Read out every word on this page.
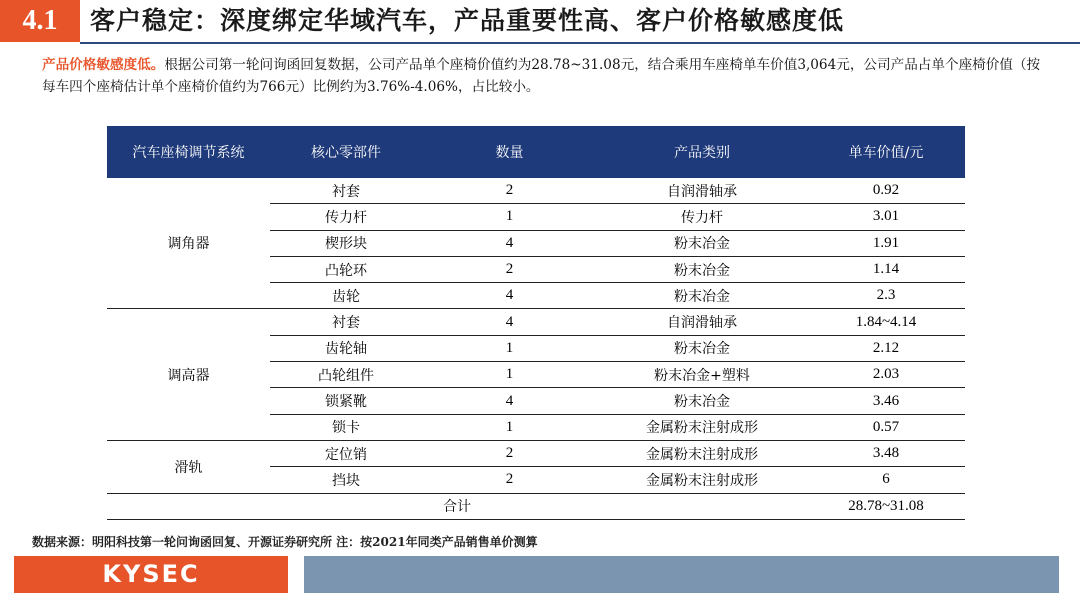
4.1	客户稳定：深度绑定华域汽车，产品重要性高、客户价格敏感度低
产品价格敏感度低。根据公司第一轮问询函回复数据，公司产品单个座椅价值约为28.78~31.08元，结合乘用车座椅单车价值3,064元，公司产品占单个座椅价值（按每车四个座椅估计单个座椅价值约为766元）比例约为3.76%-4.06%，占比较小。
汽车座椅调节系统	核心零部件	数量	产品类别	单车价值/元
调角器	衬套	2	自润滑轴承	0.92
	传力杆	1	传力杆	3.01
	楔形块	4	粉末冶金	1.91
	凸轮环	2	粉末冶金	1.14
	齿轮	4	粉末冶金	2.3
调高器	衬套	4	自润滑轴承	1.84~4.14
	齿轮轴	1	粉末冶金	2.12
	凸轮组件	1	粉末冶金+塑料	2.03
	锁紧靴	4	粉末冶金	3.46
	锁卡	1	金属粉末注射成形	0.57
滑轨	定位销	2	金属粉末注射成形	3.48
	挡块	2	金属粉末注射成形	6
合计				28.78~31.08
数据来源：明阳科技第一轮问询函回复、开源证券研究所 注：按2021年同类产品销售单价测算
KYSEC
